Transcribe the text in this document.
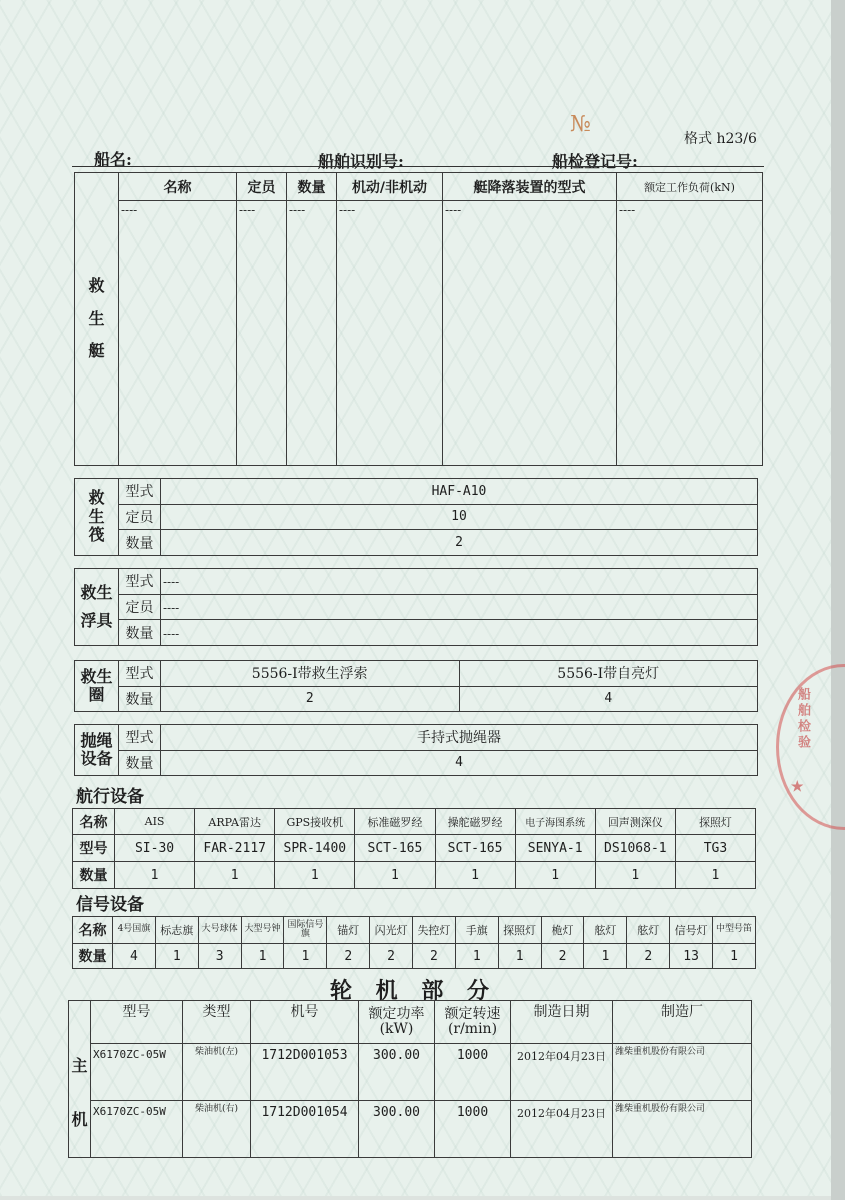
№
格式 h23/6
船名:	船舶识别号:	船检登记号:
救
生
艇	名称	定员	数量	机动/非机动	艇降落装置的型式	额定工作负荷(kN)
	----	----	----	----	----	----
救
生
筏	型式	HAF-A10
	定员	10
	数量	2
救生
浮具	型式	----
	定员	----
	数量	----
救生
圈	型式	5556-I带救生浮索	5556-I带自亮灯
	数量	2	4
抛绳
设备	型式	手持式抛绳器
	数量	4
航行设备
名称	AIS	ARPA雷达	GPS接收机	标准磁罗经	操舵磁罗经	电子海图系统	回声测深仪	探照灯
型号	SI-30	FAR-2117	SPR-1400	SCT-165	SCT-165	SENYA-1	DS1068-1	TG3
数量	1	1	1	1	1	1	1	1
信号设备
名称	4号国旗	标志旗	大号球体	大型号钟	国际信号旗	锚灯	闪光灯	失控灯	手旗	探照灯	桅灯	舷灯	舷灯	信号灯	中型号笛
数量	4	1	3	1	1	2	2	2	1	1	2	1	2	13	1
轮 机 部 分
主
机	型号	类型	机号	额定功率(kW)	额定转速(r/min)	制造日期	制造厂
	X6170ZC-05W	柴油机(左)	1712D001053	300.00	1000	2012年04月23日	潍柴重机股份有限公司
	X6170ZC-05W	柴油机(右)	1712D001054	300.00	1000	2012年04月23日	潍柴重机股份有限公司
船舶检验
★
